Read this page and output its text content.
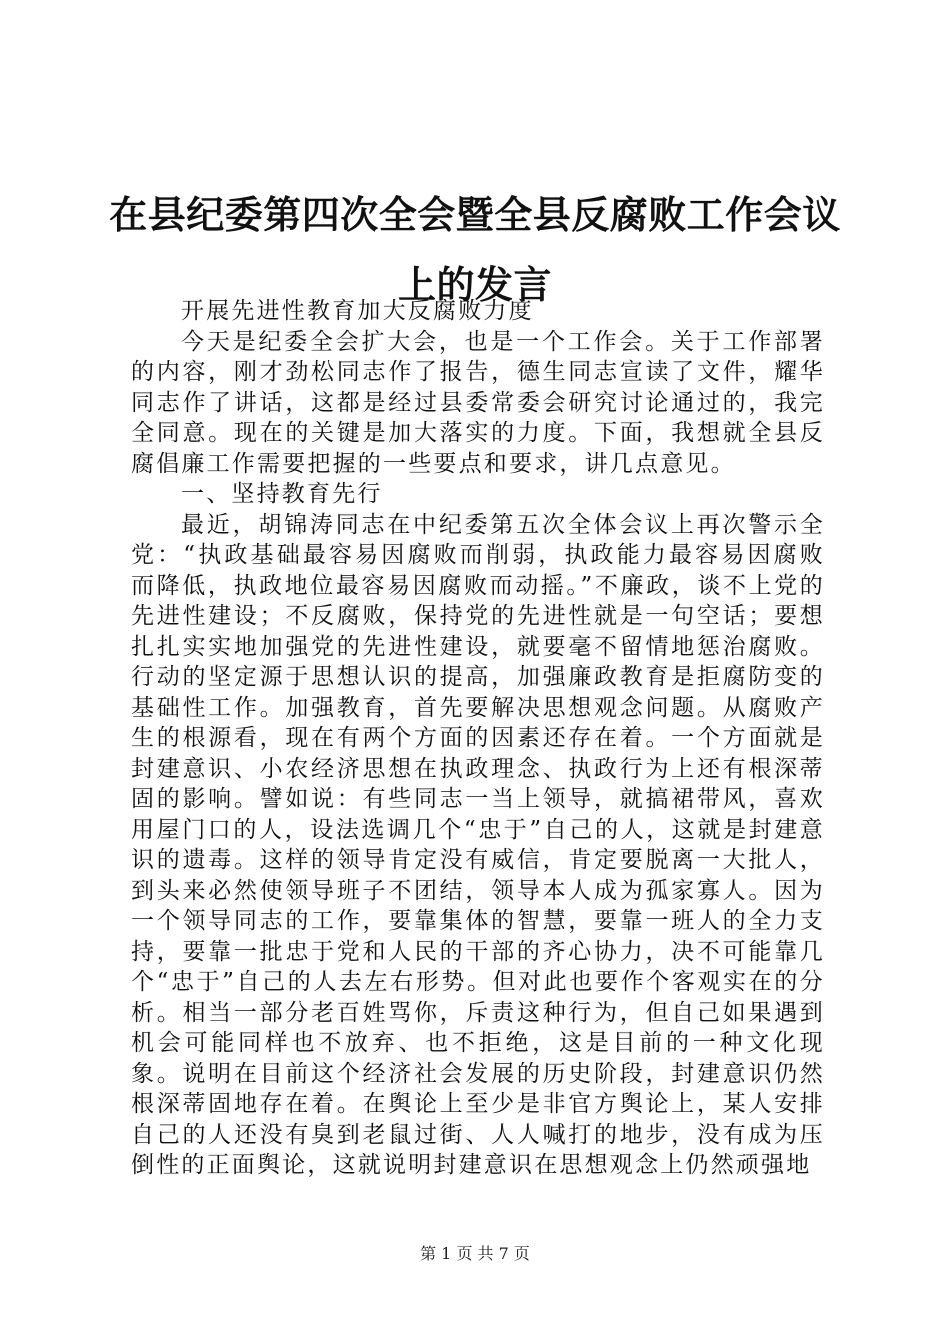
在县纪委第四次全会暨全县反腐败工作会议上的发言

开展先进性教育加大反腐败力度

今天是纪委全会扩大会，也是一个工作会。关于工作部署的内容，刚才劲松同志作了报告，德生同志宣读了文件，耀华同志作了讲话，这都是经过县委常委会研究讨论通过的，我完全同意。现在的关键是加大落实的力度。下面，我想就全县反腐倡廉工作需要把握的一些要点和要求，讲几点意见。

一、坚持教育先行

最近，胡锦涛同志在中纪委第五次全体会议上再次警示全党：“执政基础最容易因腐败而削弱，执政能力最容易因腐败而降低，执政地位最容易因腐败而动摇。”不廉政，谈不上党的先进性建设；不反腐败，保持党的先进性就是一句空话；要想扎扎实实地加强党的先进性建设，就要毫不留情地惩治腐败。行动的坚定源于思想认识的提高，加强廉政教育是拒腐防变的基础性工作。加强教育，首先要解决思想观念问题。从腐败产生的根源看，现在有两个方面的因素还存在着。一个方面就是封建意识、小农经济思想在执政理念、执政行为上还有根深蒂固的影响。譬如说：有些同志一当上领导，就搞裙带风，喜欢用屋门口的人，设法选调几个“忠于”自己的人，这就是封建意识的遗毒。这样的领导肯定没有威信，肯定要脱离一大批人，到头来必然使领导班子不团结，领导本人成为孤家寡人。因为一个领导同志的工作，要靠集体的智慧，要靠一班人的全力支持，要靠一批忠于党和人民的干部的齐心协力，决不可能靠几个“忠于”自己的人去左右形势。但对此也要作个客观实在的分析。相当一部分老百姓骂你，斥责这种行为，但自己如果遇到机会可能同样也不放弃、也不拒绝，这是目前的一种文化现象。说明在目前这个经济社会发展的历史阶段，封建意识仍然根深蒂固地存在着。在舆论上至少是非官方舆论上，某人安排自己的人还没有臭到老鼠过街、人人喊打的地步，没有成为压倒性的正面舆论，这就说明封建意识在思想观念上仍然顽强地

第 1 页 共 7 页
